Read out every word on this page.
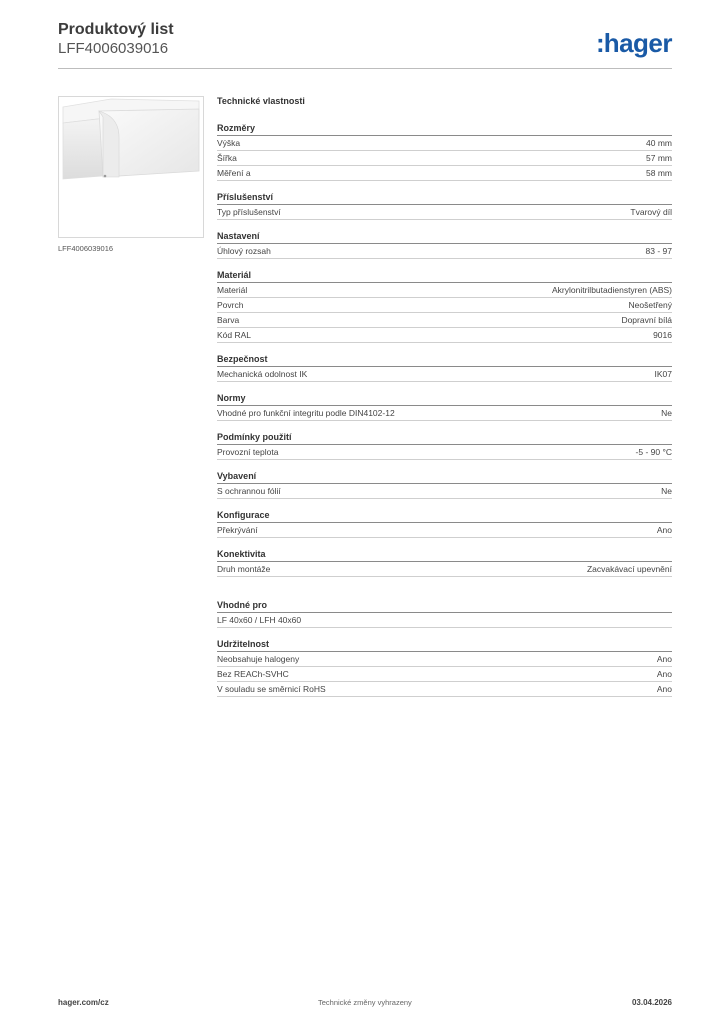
Produktový list
LFF4006039016	:hager
LFF4006039016
Technické vlastnosti
Rozměry
Výška	40 mm
Šířka	57 mm
Měření a	58 mm
Příslušenství
Typ příslušenství	Tvarový díl
Nastavení
Úhlový rozsah	83 - 97
Materiál
Materiál	Akrylonitrilbutadienstyren (ABS)
Povrch	Neošetřený
Barva	Dopravní bílá
Kód RAL	9016
Bezpečnost
Mechanická odolnost IK	IK07
Normy
Vhodné pro funkční integritu podle DIN4102-12	Ne
Podmínky použití
Provozní teplota	-5 - 90 °C
Vybavení
S ochrannou fólií	Ne
Konfigurace
Překrývání	Ano
Konektivita
Druh montáže	Zacvakávací upevnění
Vhodné pro
LF 40x60 / LFH 40x60
Udržitelnost
Neobsahuje halogeny	Ano
Bez REACh-SVHC	Ano
V souladu se směrnicí RoHS	Ano
hager.com/cz	Technické změny vyhrazeny	03.04.2026
